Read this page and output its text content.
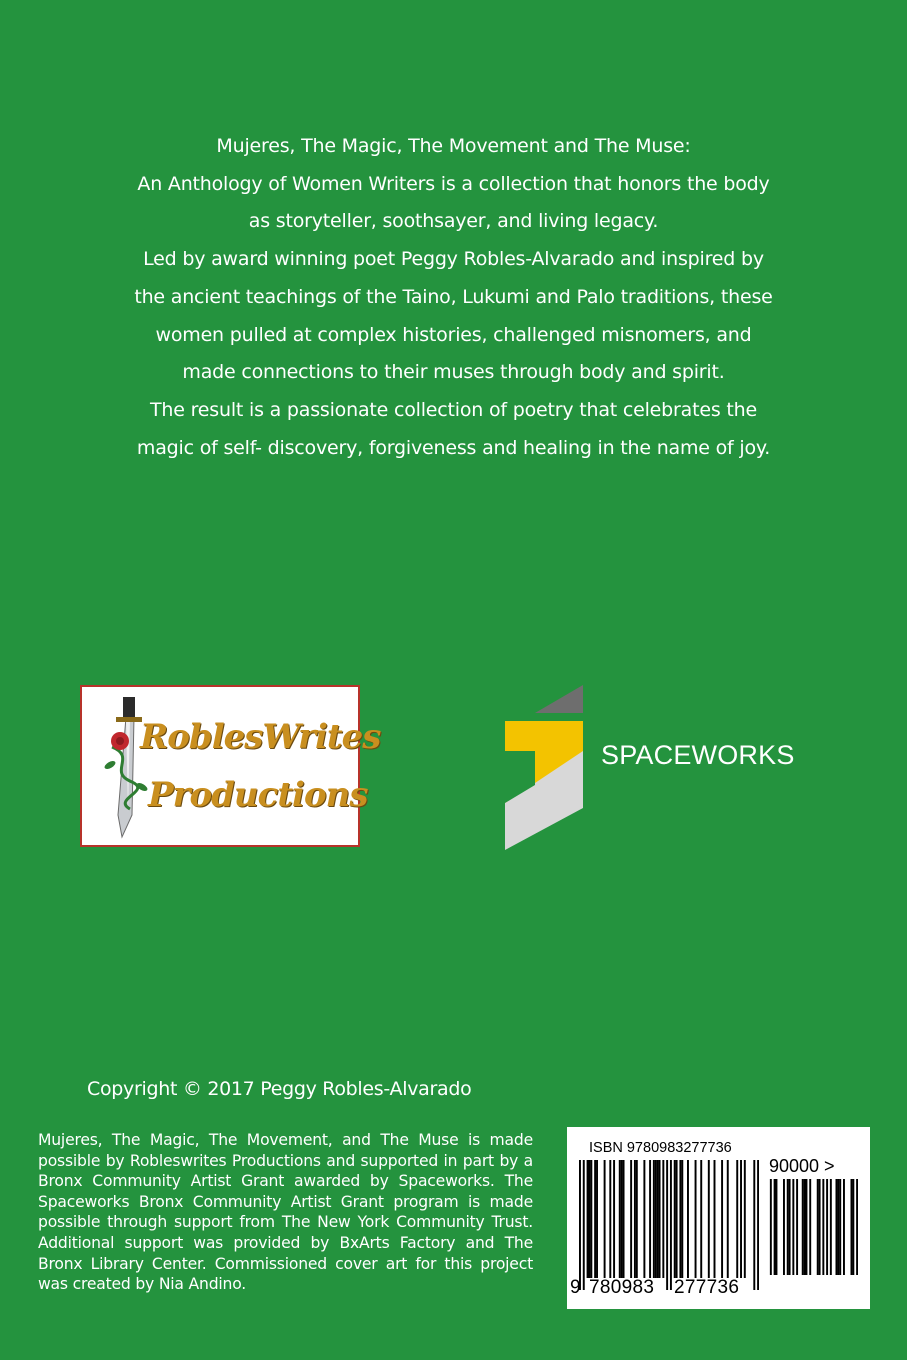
Mujeres, The Magic, The Movement and The Muse:
An Anthology of Women Writers is a collection that honors the body
as storyteller, soothsayer, and living legacy.
Led by award winning poet Peggy Robles-Alvarado and inspired by
the ancient teachings of the Taino, Lukumi and Palo traditions, these
women pulled at complex histories, challenged misnomers, and
made connections to their muses through body and spirit.
The result is a passionate collection of poetry that celebrates the
magic of self- discovery, forgiveness and healing in the name of joy.
RoblesWrites
Productions
SPACEWORKS
Copyright © 2017 Peggy Robles-Alvarado
Mujeres, The Magic, The Movement, and The Muse is made possible by Robleswrites Productions and supported in part by a Bronx Community Artist Grant awarded by Spaceworks. The Spaceworks Bronx Community Artist Grant program is made possible through support from The New York Community Trust. Additional support was provided by BxArts Factory and The Bronx Library Center. Commissioned cover art for this project was created by Nia Andino.
ISBN 9780983277736
90000 >
9 780983 277736
